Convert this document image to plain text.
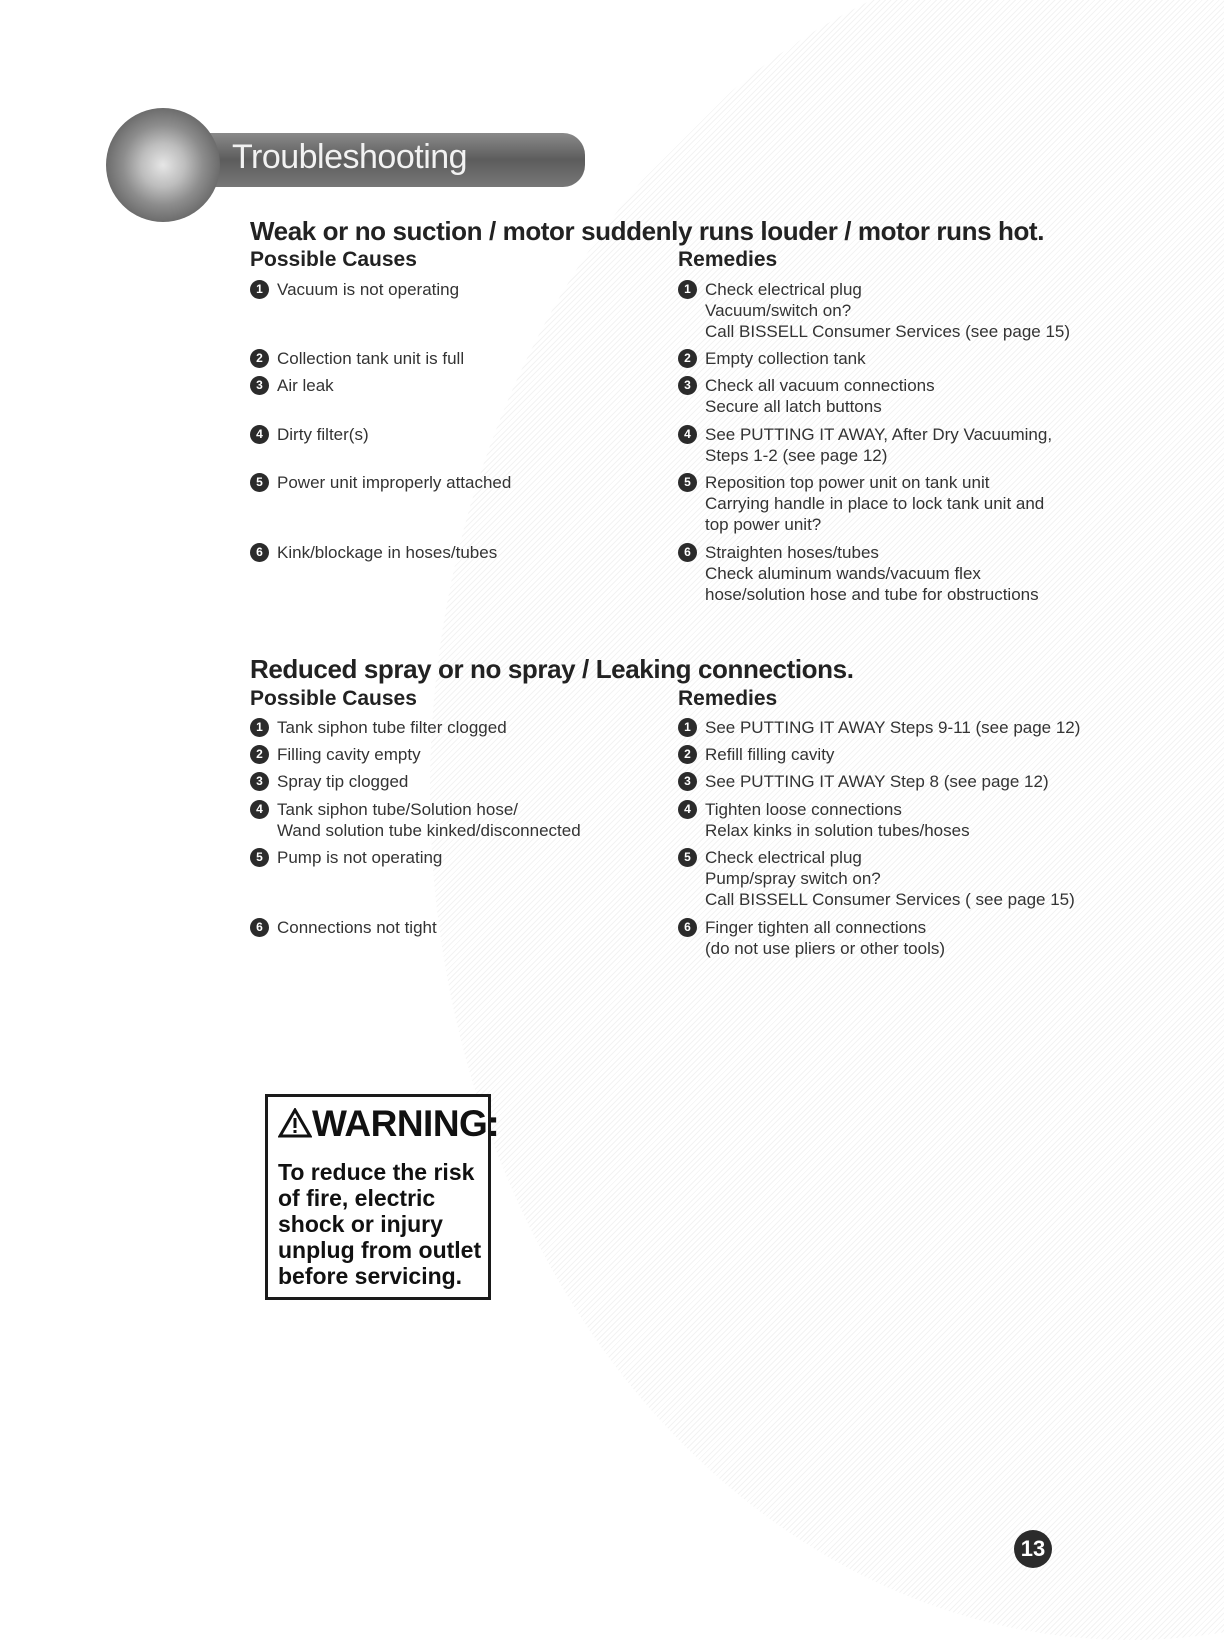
Troubleshooting
Weak or no suction / motor suddenly runs louder / motor runs hot.
Possible Causes	Remedies
1 Vacuum is not operating
2 Collection tank unit is full
3 Air leak
4 Dirty filter(s)
5 Power unit improperly attached
6 Kink/blockage in hoses/tubes
1 Check electrical plug
Vacuum/switch on?
Call BISSELL Consumer Services (see page 15)
2 Empty collection tank
3 Check all vacuum connections
Secure all latch buttons
4 See PUTTING IT AWAY, After Dry Vacuuming,
Steps 1-2 (see page 12)
5 Reposition top power unit on tank unit
Carrying handle in place to lock tank unit and
top power unit?
6 Straighten hoses/tubes
Check aluminum wands/vacuum flex
hose/solution hose and tube for obstructions
Reduced spray or no spray / Leaking connections.
Possible Causes	Remedies
1 Tank siphon tube filter clogged
2 Filling cavity empty
3 Spray tip clogged
4 Tank siphon tube/Solution hose/
Wand solution tube kinked/disconnected
5 Pump is not operating
6 Connections not tight
1 See PUTTING IT AWAY Steps 9-11 (see page 12)
2 Refill filling cavity
3 See PUTTING IT AWAY Step 8 (see page 12)
4 Tighten loose connections
Relax kinks in solution tubes/hoses
5 Check electrical plug
Pump/spray switch on?
Call BISSELL Consumer Services ( see page 15)
6 Finger tighten all connections
(do not use pliers or other tools)
WARNING:
To reduce the risk
of fire, electric
shock or injury
unplug from outlet
before servicing.
13
